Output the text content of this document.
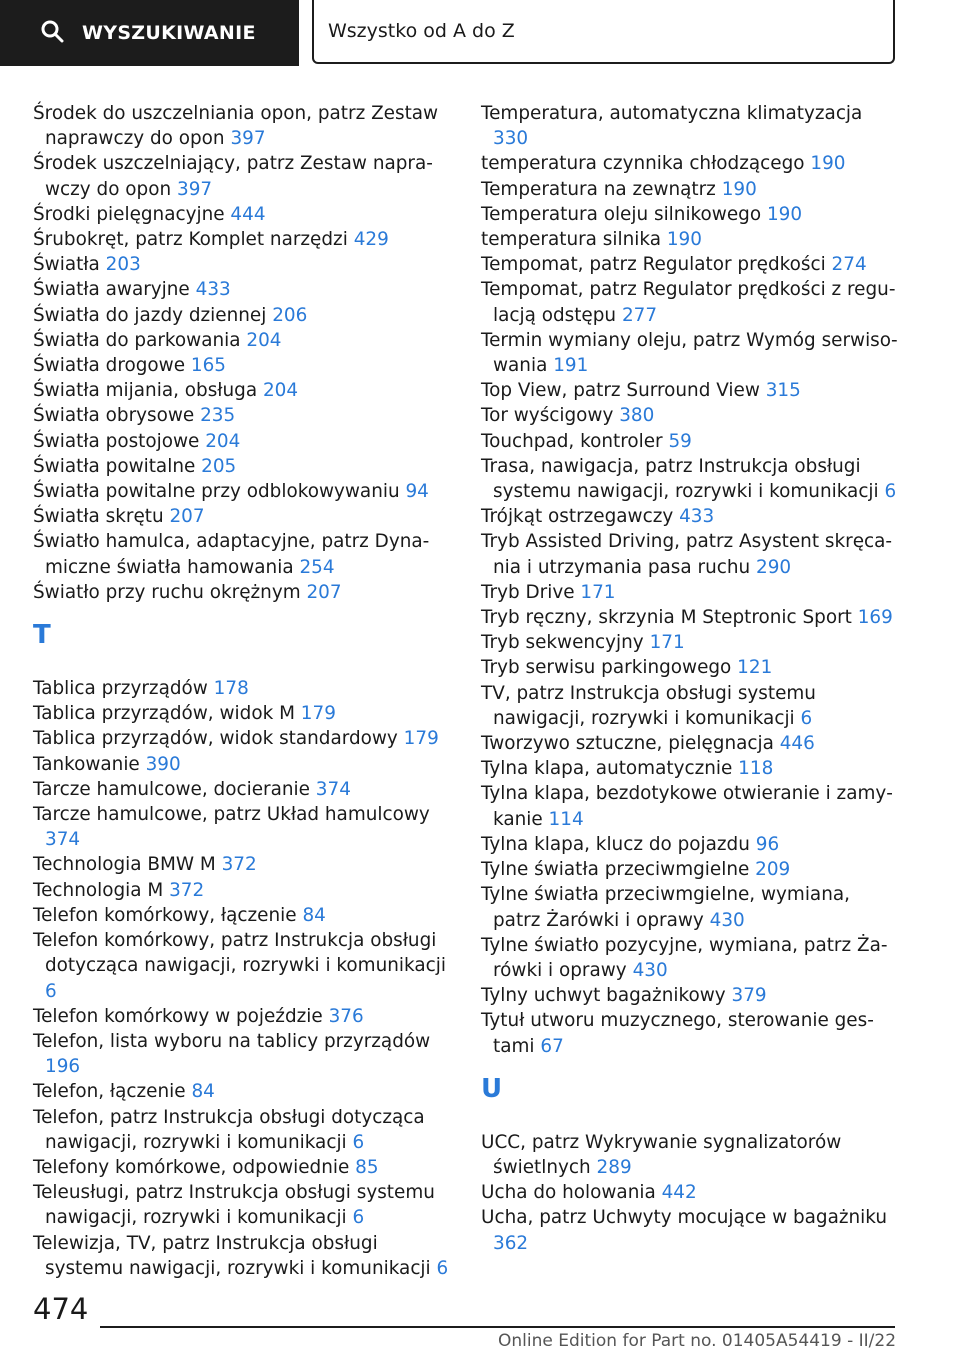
WYSZUKIWANIE	Wszystko od A do Z
Środek do uszczelniania opon, patrz Zestaw naprawczy do opon 397
Środek uszczelniający, patrz Zestaw naprawczy do opon 397
Środki pielęgnacyjne 444
Śrubokręt, patrz Komplet narzędzi 429
Światła 203
Światła awaryjne 433
Światła do jazdy dziennej 206
Światła do parkowania 204
Światła drogowe 165
Światła mijania, obsługa 204
Światła obrysowe 235
Światła postojowe 204
Światła powitalne 205
Światła powitalne przy odblokowywaniu 94
Światła skrętu 207
Światło hamulca, adaptacyjne, patrz Dynamiczne światła hamowania 254
Światło przy ruchu okrężnym 207
T
Tablica przyrządów 178
Tablica przyrządów, widok M 179
Tablica przyrządów, widok standardowy 179
Tankowanie 390
Tarcze hamulcowe, docieranie 374
Tarcze hamulcowe, patrz Układ hamulcowy 374
Technologia BMW M 372
Technologia M 372
Telefon komórkowy, łączenie 84
Telefon komórkowy, patrz Instrukcja obsługi dotycząca nawigacji, rozrywki i komunikacji 6
Telefon komórkowy w pojeździe 376
Telefon, lista wyboru na tablicy przyrządów 196
Telefon, łączenie 84
Telefon, patrz Instrukcja obsługi dotycząca nawigacji, rozrywki i komunikacji 6
Telefony komórkowe, odpowiednie 85
Teleusługi, patrz Instrukcja obsługi systemu nawigacji, rozrywki i komunikacji 6
Telewizja, TV, patrz Instrukcja obsługi systemu nawigacji, rozrywki i komunikacji 6
Temperatura, automatyczna klimatyzacja 330
temperatura czynnika chłodzącego 190
Temperatura na zewnątrz 190
Temperatura oleju silnikowego 190
temperatura silnika 190
Tempomat, patrz Regulator prędkości 274
Tempomat, patrz Regulator prędkości z regulacją odstępu 277
Termin wymiany oleju, patrz Wymóg serwisowania 191
Top View, patrz Surround View 315
Tor wyścigowy 380
Touchpad, kontroler 59
Trasa, nawigacja, patrz Instrukcja obsługi systemu nawigacji, rozrywki i komunikacji 6
Trójkąt ostrzegawczy 433
Tryb Assisted Driving, patrz Asystent skręcania i utrzymania pasa ruchu 290
Tryb Drive 171
Tryb ręczny, skrzynia M Steptronic Sport 169
Tryb sekwencyjny 171
Tryb serwisu parkingowego 121
TV, patrz Instrukcja obsługi systemu nawigacji, rozrywki i komunikacji 6
Tworzywo sztuczne, pielęgnacja 446
Tylna klapa, automatycznie 118
Tylna klapa, bezdotykowe otwieranie i zamykanie 114
Tylna klapa, klucz do pojazdu 96
Tylne światła przeciwmgielne 209
Tylne światła przeciwmgielne, wymiana, patrz Żarówki i oprawy 430
Tylne światło pozycyjne, wymiana, patrz Żarówki i oprawy 430
Tylny uchwyt bagażnikowy 379
Tytuł utworu muzycznego, sterowanie gestami 67
U
UCC, patrz Wykrywanie sygnalizatorów świetlnych 289
Ucha do holowania 442
Ucha, patrz Uchwyty mocujące w bagażniku 362
474
Online Edition for Part no. 01405A54419 - II/22
